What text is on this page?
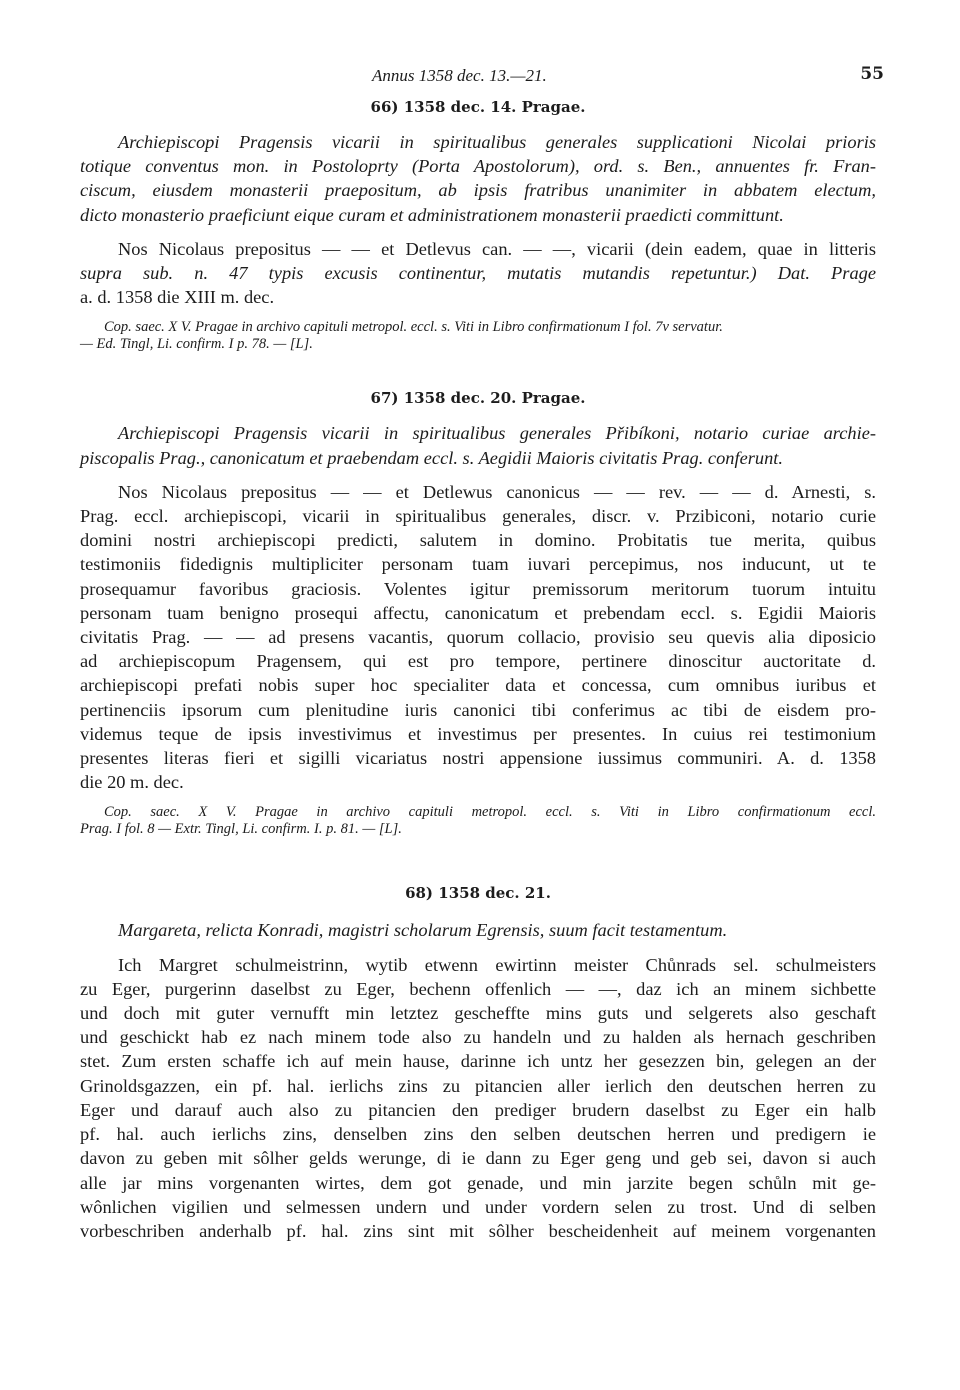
Annus 1358 dec. 13.—21.	55

66) 1358 dec. 14. Pragae.

Archiepiscopi Pragensis vicarii in spiritualibus generales supplicationi Nicolai prioris
totique conventus mon. in Postoloprty (Porta Apostolorum), ord. s. Ben., annuentes fr. Fran-
ciscum, eiusdem monasterii praepositum, ab ipsis fratribus unanimiter in abbatem electum,
dicto monasterio praeficiunt eique curam et administrationem monasterii praedicti committunt.
Nos Nicolaus prepositus — — et Detlevus can. — —, vicarii (dein eadem, quae in litteris
supra sub. n. 47 typis excusis continentur, mutatis mutandis repetuntur.) Dat. Prage
a. d. 1358 die XIII m. dec.
Cop. saec. X V. Pragae in archivo capituli metropol. eccl. s. Viti in Libro confirmationum I fol. 7v servatur.
— Ed. Tingl, Li. confirm. I p. 78. — [L].

67) 1358 dec. 20. Pragae.

Archiepiscopi Pragensis vicarii in spiritualibus generales Přibíkoni, notario curiae archie-
piscopalis Prag., canonicatum et praebendam eccl. s. Aegidii Maioris civitatis Prag. conferunt.
Nos Nicolaus prepositus — — et Detlewus canonicus — — rev. — — d. Arnesti, s.
Prag. eccl. archiepiscopi, vicarii in spiritualibus generales, discr. v. Przibiconi, notario curie
domini nostri archiepiscopi predicti, salutem in domino. Probitatis tue merita, quibus
testimoniis fidedignis multipliciter personam tuam iuvari percepimus, nos inducunt, ut te
prosequamur favoribus graciosis. Volentes igitur premissorum meritorum tuorum intuitu
personam tuam benigno prosequi affectu, canonicatum et prebendam eccl. s. Egidii Maioris
civitatis Prag. — — ad presens vacantis, quorum collacio, provisio seu quevis alia diposicio
ad archiepiscopum Pragensem, qui est pro tempore, pertinere dinoscitur auctoritate d.
archiepiscopi prefati nobis super hoc specialiter data et concessa, cum omnibus iuribus et
pertinenciis ipsorum cum plenitudine iuris canonici tibi conferimus ac tibi de eisdem pro-
videmus teque de ipsis investivimus et investimus per presentes. In cuius rei testimonium
presentes literas fieri et sigilli vicariatus nostri appensione iussimus communiri. A. d. 1358
die 20 m. dec.
Cop. saec. X V. Pragae in archivo capituli metropol. eccl. s. Viti in Libro confirmationum eccl.
Prag. I fol. 8 — Extr. Tingl, Li. confirm. I. p. 81. — [L].

68) 1358 dec. 21.

Margareta, relicta Konradi, magistri scholarum Egrensis, suum facit testamentum.
Ich Margret schulmeistrinn, wytib etwenn ewirtinn meister Chůnrads sel. schulmeisters
zu Eger, purgerinn daselbst zu Eger, bechenn offenlich — —, daz ich an minem sichbette
und doch mit guter vernufft min letztez gescheffte mins guts und selgerets also geschaft
und geschickt hab ez nach minem tode also zu handeln und zu halden als hernach geschriben
stet. Zum ersten schaffe ich auf mein hause, darinne ich untz her gesezzen bin, gelegen an der
Grinoldsgazzen, ein pf. hal. ierlichs zins zu pitancien aller ierlich den deutschen herren zu
Eger und darauf auch also zu pitancien den prediger brudern daselbst zu Eger ein halb
pf. hal. auch ierlichs zins, denselben zins den selben deutschen herren und predigern ie
davon zu geben mit sôlher gelds werunge, di ie dann zu Eger geng und geb sei, davon si auch
alle jar mins vorgenanten wirtes, dem got genade, und min jarzite begen schůln mit ge-
wônlichen vigilien und selmessen undern und under vordern selen zu trost. Und di selben
vorbeschriben anderhalb pf. hal. zins sint mit sôlher bescheidenheit auf meinem vorgenanten
